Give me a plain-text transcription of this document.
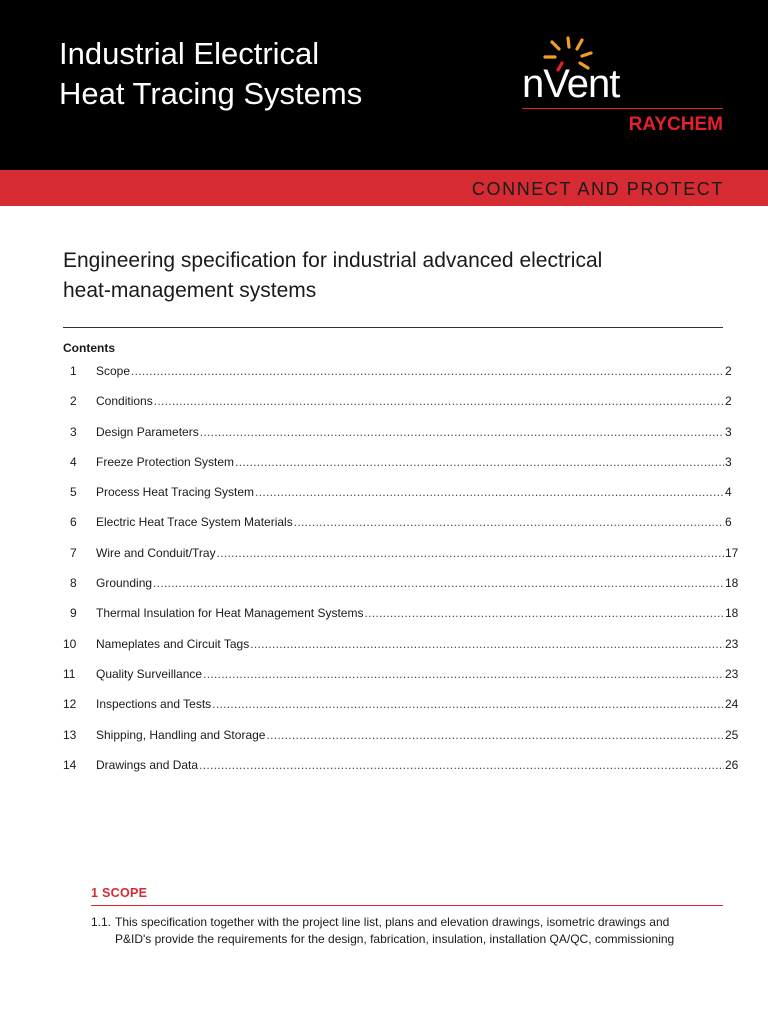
Industrial Electrical
Heat Tracing Systems	nVent
RAYCHEM
CONNECT AND PROTECT
Engineering specification for industrial advanced electrical
heat-management systems
Contents
1	Scope .....	2
2	Conditions .....	2
3	Design Parameters .....	3
4	Freeze Protection System .....	3
5	Process Heat Tracing System .....	4
6	Electric Heat Trace System Materials .....	6
7	Wire and Conduit/Tray .....	17
8	Grounding .....	18
9	Thermal Insulation for Heat Management Systems .....	18
10	Nameplates and Circuit Tags .....	23
11	Quality Surveillance .....	23
12	Inspections and Tests .....	24
13	Shipping, Handling and Storage .....	25
14	Drawings and Data .....	26
1 SCOPE
1.1. This specification together with the project line list, plans and elevation drawings, isometric drawings and
P&ID's provide the requirements for the design, fabrication, insulation, installation QA/QC, commissioning
